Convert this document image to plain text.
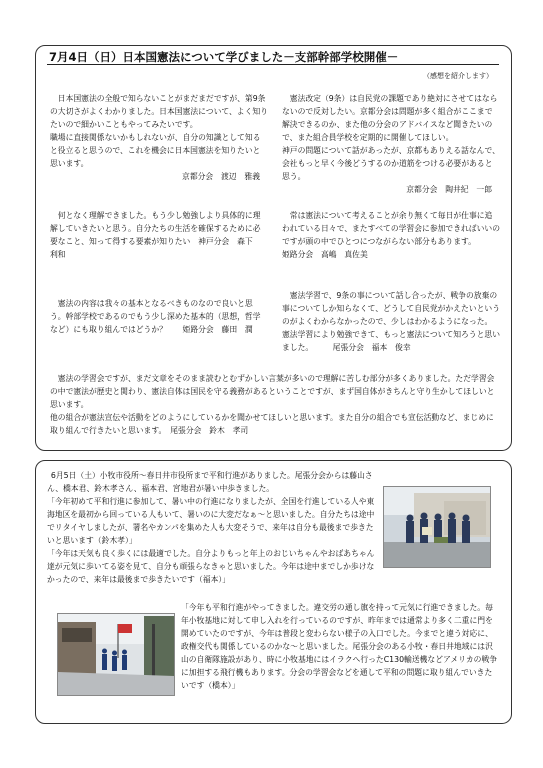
7月4日（日）日本国憲法について学びました－支部幹部学校開催－
（感想を紹介します）
日本国憲法の全般で知らないことがまだまだですが、第9条の大切さがよくわかりました。日本国憲法について、よく知りたいので細かいこともやってみたいです。
職場に直接関係ないかもしれないが、自分の知識として知ると役立ると思うので、これを機会に日本国憲法を知りたいと思います。
京都分会　渡辺　雅義
何となく理解できました。もう少し勉強しより具体的に理解していきたいと思う。自分たちの生活を確保するために必要なこと、知って得する要素が知りたい　神戸分会　森下　利和
憲法の内容は我々の基本となるべきものなので良いと思う。幹部学校であるのでもう少し深めた基本的（思想，哲学など）にも取り組んではどうか？　　姫路分会　藤田　潤
憲法改定（9条）は自民党の課題であり絶対にさせてはならないので反対したい。京都分会は問題が多く組合がここまで解決できるのか、また他の分会のアドバイスなど聞きたいので、また組合員学校を定期的に開催してほしい。
神戸の問題について話があったが、京都もありえる話なんで、会社もっと早く今後どうするのか道筋をつける必要があると思う。
京都分会　陶井紀　一郎
常は憲法について考えることが余り無くて毎日が仕事に追われている日々で、またすべての学習会に参加できればいいのですが頭の中でひとつにつながらない部分もあります。　　　姫路分会　高嶋　真佐美
憲法学習で、9条の事について話し合ったが、戦争の放棄の事についてしか知らなくて、どうして自民党がかえたいというのがよくわからなかったので、少しはわかるようになった。憲法学習により勉強できて、もっと憲法について知ろうと思いました。　　　尾張分会　福本　俊幸
憲法の学習会ですが、まだ文章をそのまま読むとむずかしい言葉が多いので理解に苦しむ部分が多くありました。ただ学習会の中で憲法が歴史と関わり、憲法自体は国民を守る義務があるということですが、まず国自体がきちんと守り生かしてほしいと思います。
他の組合が憲法宣伝や活動をどのようにしているかを聞かせてほしいと思います。また自分の組合でも宣伝活動など、まじめに取り組んで行きたいと思います。　尾張分会　鈴木　孝司
6月5日（土）小牧市役所〜春日井市役所まで平和行進がありました。尾張分会からは藤山さん、橋本君、鈴木孝さん、福本君、宮地君が暑い中歩きました。
「今年初めて平和行進に参加して、暑い中の行進になりましたが、全国を行進している人や東海地区を最初から回っている人もいて、暑いのに大変だなぁ〜と思いました。自分たちは途中でリタイヤしましたが、署名やカンパを集めた人も大変そうで、来年は自分も最後まで歩きたいと思います（鈴木孝）」
「今年は天気も良く歩くには最適でした。自分よりもっと年上のおじいちゃんやおばあちゃん達が元気に歩いてる姿を見て、自分も頑張らなきゃと思いました。今年は途中までしか歩けなかったので、来年は最後まで歩きたいです（福本）」
「今年も平和行進がやってきました。違交労の通し旗を持って元気に行進できました。毎年小牧基地に対して申し入れを行っているのですが、昨年までは通常より多く二重に門を開めていたのですが、今年は普段と変わらない様子の入口でした。今までと違う対応に、政権交代も関係しているのかな〜と思いました。尾張分会のある小牧・春日井地域には沢山の自衛隊施設があり、時に小牧基地にはイラクへ行ったC130輸送機などアメリカの戦争に加担する飛行機もあります。分会の学習会などを通して平和の問題に取り組んでいきたいです（橋本）」
